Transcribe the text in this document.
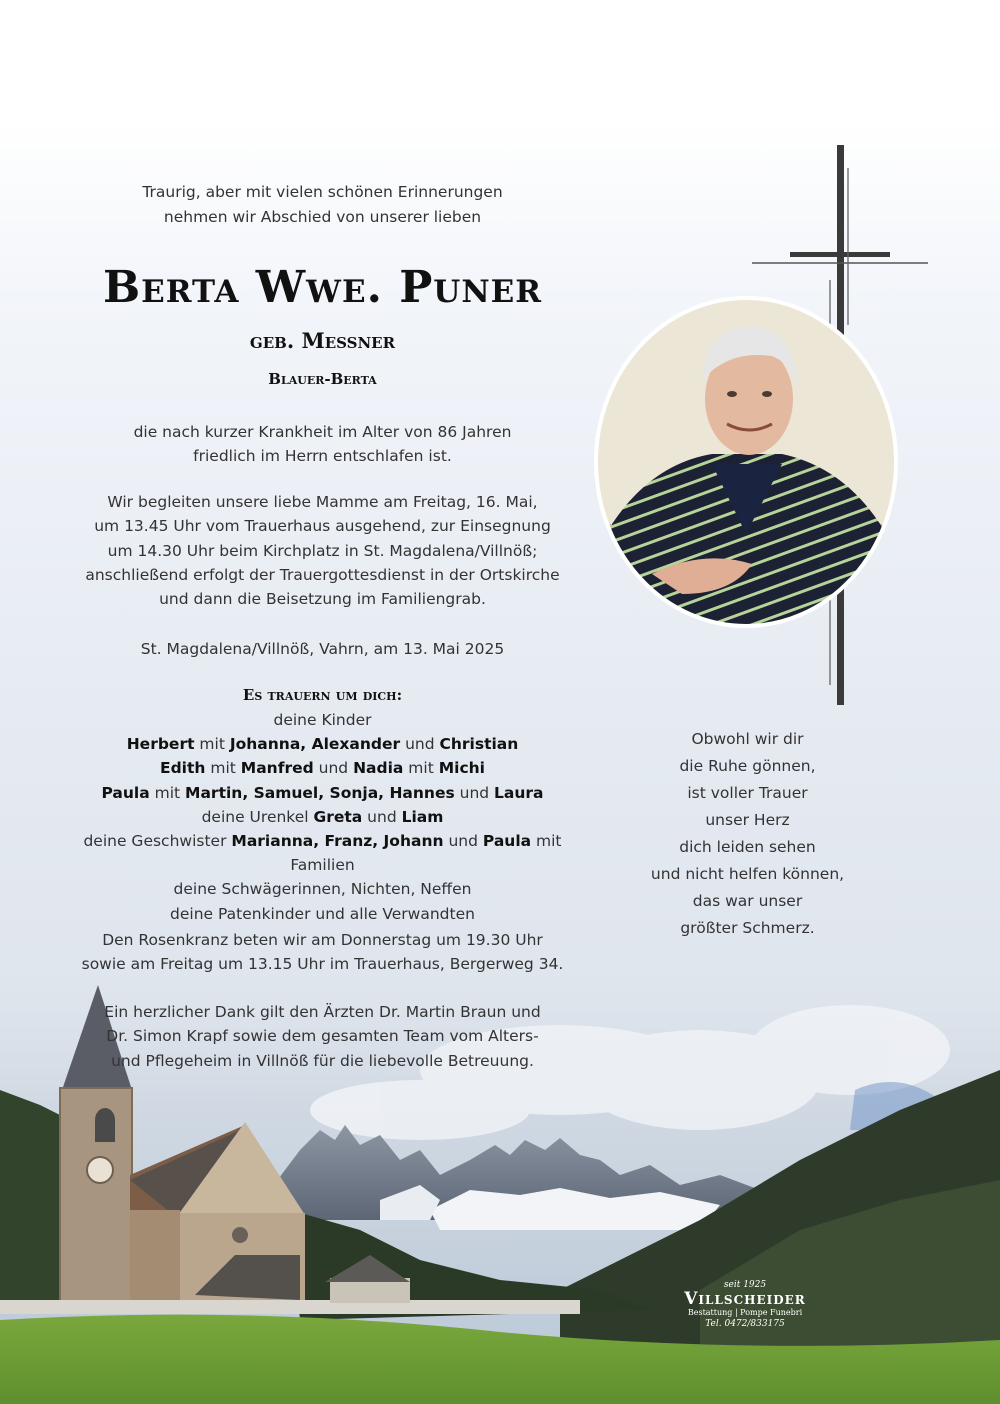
Traurig, aber mit vielen schönen Erinnerungen
nehmen wir Abschied von unserer lieben
Berta Wwe. Puner
geb. Messner
Blauer-Berta
die nach kurzer Krankheit im Alter von 86 Jahren
friedlich im Herrn entschlafen ist.
Wir begleiten unsere liebe Mamme am Freitag, 16. Mai,
um 13.45 Uhr vom Trauerhaus ausgehend, zur Einsegnung
um 14.30 Uhr beim Kirchplatz in St. Magdalena/Villnöß;
anschließend erfolgt der Trauergottesdienst in der Ortskirche
und dann die Beisetzung im Familiengrab.
St. Magdalena/Villnöß, Vahrn, am 13. Mai 2025
Es trauern um dich:
deine Kinder
Herbert mit Johanna, Alexander und Christian
Edith mit Manfred und Nadia mit Michi
Paula mit Martin, Samuel, Sonja, Hannes und Laura
deine Urenkel Greta und Liam
deine Geschwister Marianna, Franz, Johann und Paula mit Familien
deine Schwägerinnen, Nichten, Neffen
deine Patenkinder und alle Verwandten
Den Rosenkranz beten wir am Donnerstag um 19.30 Uhr
sowie am Freitag um 13.15 Uhr im Trauerhaus, Bergerweg 34.
Ein herzlicher Dank gilt den Ärzten Dr. Martin Braun und
Dr. Simon Krapf sowie dem gesamten Team vom Alters-
und Pflegeheim in Villnöß für die liebevolle Betreuung.
Obwohl wir dir
die Ruhe gönnen,
ist voller Trauer
unser Herz
dich leiden sehen
und nicht helfen können,
das war unser
größter Schmerz.
seit 1925
Villscheider
Bestattung | Pompe Funebri
Tel. 0472/833175
